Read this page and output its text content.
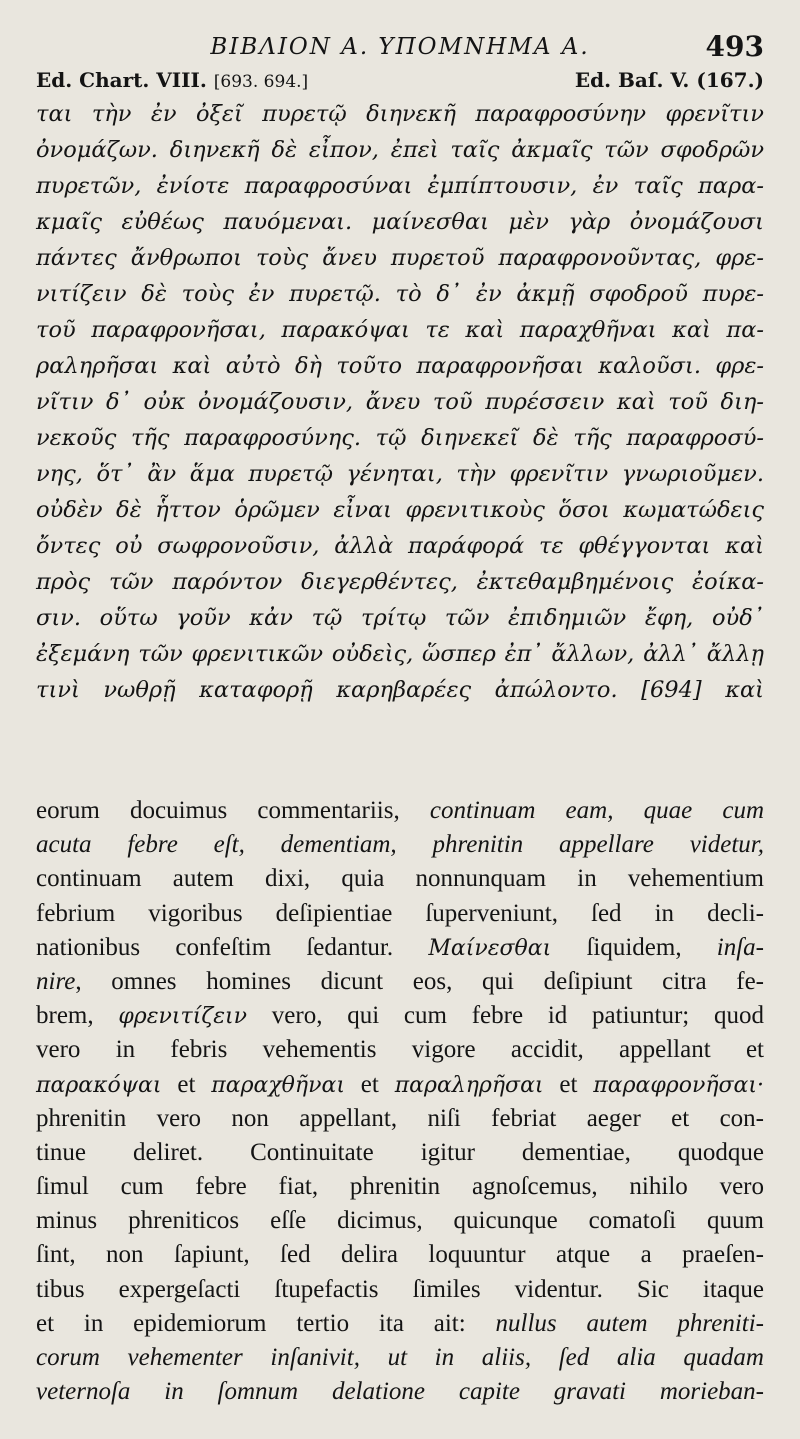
ΒΙΒΛΙΟΝ Α. ΥΠΟΜΝΗΜΑ Α.	493
Ed. Chart. VIII. [693. 694.]	Ed. Baſ. V. (167.)
ται τὴν ἐν ὀξεῖ πυρετῷ διηνεκῆ παραφροσύνην φρενῖτιν
ὀνομάζων. διηνεκῆ δὲ εἶπον, ἐπεὶ ταῖς ἀκμαῖς τῶν σφοδρῶν
πυρετῶν, ἐνίοτε παραφροσύναι ἐμπίπτουσιν, ἐν ταῖς παρα-
κμαῖς εὐθέως παυόμεναι. μαίνεσθαι μὲν γὰρ ὀνομάζουσι
πάντες ἄνθρωποι τοὺς ἄνευ πυρετοῦ παραφρονοῦντας, φρε-
νιτίζειν δὲ τοὺς ἐν πυρετῷ. τὸ δ᾽ ἐν ἀκμῇ σφοδροῦ πυρε-
τοῦ παραφρονῆσαι, παρακόψαι τε καὶ παραχθῆναι καὶ πα-
ραληρῆσαι καὶ αὐτὸ δὴ τοῦτο παραφρονῆσαι καλοῦσι. φρε-
νῖτιν δ᾽ οὐκ ὀνομάζουσιν, ἄνευ τοῦ πυρέσσειν καὶ τοῦ διη-
νεκοῦς τῆς παραφροσύνης. τῷ διηνεκεῖ δὲ τῆς παραφροσύ-
νης, ὅτ᾽ ἂν ἅμα πυρετῷ γένηται, τὴν φρενῖτιν γνωριοῦμεν.
οὐδὲν δὲ ἧττον ὁρῶμεν εἶναι φρενιτικοὺς ὅσοι κωματώδεις
ὄντες οὐ σωφρονοῦσιν, ἀλλὰ παράφορά τε φθέγγονται καὶ
πρὸς τῶν παρόντον διεγερθέντες, ἐκτεθαμβημένοις ἐοίκα-
σιν. οὕτω γοῦν κἀν τῷ τρίτῳ τῶν ἐπιδημιῶν ἔφη, οὐδ᾽
ἐξεμάνη τῶν φρενιτικῶν οὐδεὶς, ὥσπερ ἐπ᾽ ἄλλων, ἀλλ᾽ ἄλλῃ
τινὶ νωθρῇ καταφορῇ καρηβαρέες ἀπώλοντο. [694] καὶ
eorum docuimus commentariis, continuam eam, quae cum
acuta febre eſt, dementiam, phrenitin appellare videtur,
continuam autem dixi, quia nonnunquam in vehementium
febrium vigoribus deſipientiae ſuperveniunt, ſed in decli-
nationibus confeſtim ſedantur. Μαίνεσθαι ſiquidem, inſa-
nire, omnes homines dicunt eos, qui deſipiunt citra fe-
brem, φρενιτίζειν vero, qui cum febre id patiuntur; quod
vero in febris vehementis vigore accidit, appellant et
παρακόψαι et παραχθῆναι et παραληρῆσαι et παραφρονῆσαι·
phrenitin vero non appellant, niſi febriat aeger et con-
tinue deliret. Continuitate igitur dementiae, quodque
ſimul cum febre fiat, phrenitin agnoſcemus, nihilo vero
minus phreniticos eſſe dicimus, quicunque comatoſi quum
ſint, non ſapiunt, ſed delira loquuntur atque a praeſen-
tibus expergeſacti ſtupefactis ſimiles videntur. Sic itaque
et in epidemiorum tertio ita ait: nullus autem phreniti-
corum vehementer inſanivit, ut in aliis, ſed alia quadam
veternoſa in ſomnum delatione capite gravati morieban-
